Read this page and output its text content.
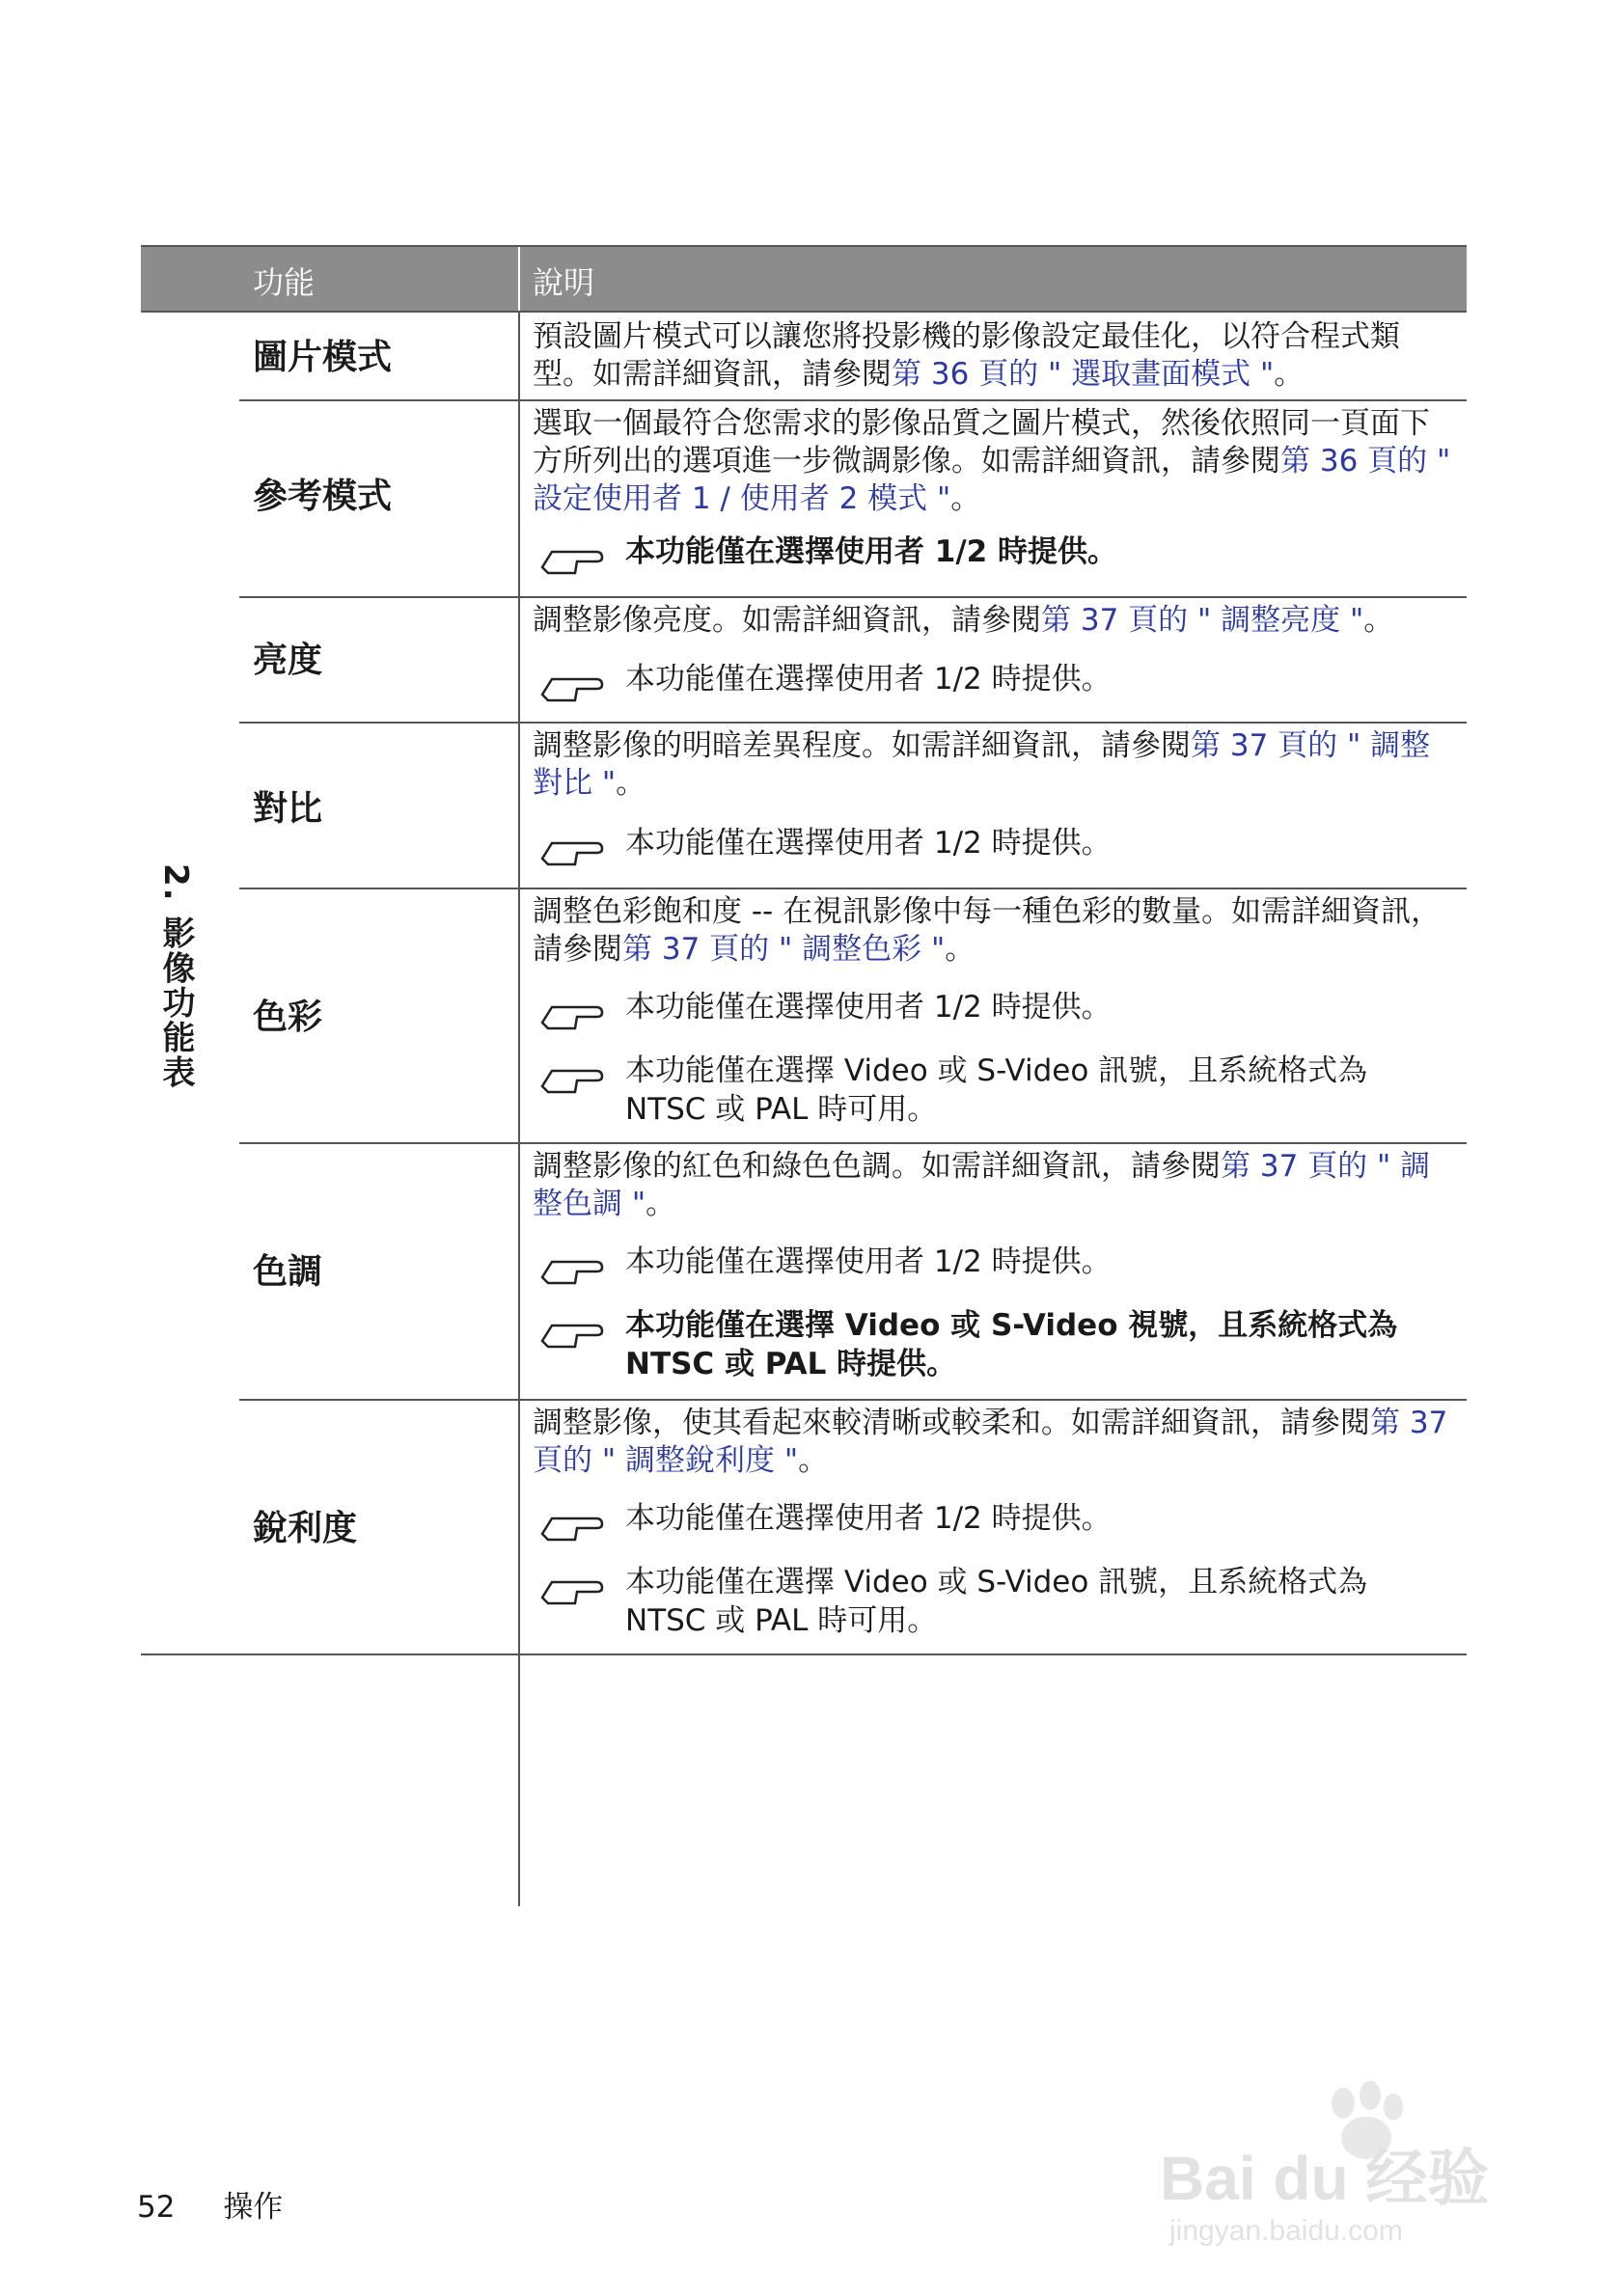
功能	說明
圖片模式
預設圖片模式可以讓您將投影機的影像設定最佳化，以符合程式類型。如需詳細資訊，請參閱第 36 頁的 " 選取畫面模式 "。
參考模式
選取一個最符合您需求的影像品質之圖片模式，然後依照同一頁面下方所列出的選項進一步微調影像。如需詳細資訊，請參閱第 36 頁的 " 設定使用者 1 / 使用者 2 模式 "。
本功能僅在選擇使用者 1/2 時提供。
亮度
調整影像亮度。如需詳細資訊，請參閱第 37 頁的 " 調整亮度 "。
本功能僅在選擇使用者 1/2 時提供。
對比
調整影像的明暗差異程度。如需詳細資訊，請參閱第 37 頁的 " 調整對比 "。
本功能僅在選擇使用者 1/2 時提供。
色彩
調整色彩飽和度 -- 在視訊影像中每一種色彩的數量。如需詳細資訊，請參閱第 37 頁的 " 調整色彩 "。
本功能僅在選擇使用者 1/2 時提供。
本功能僅在選擇 Video 或 S-Video 訊號，且系統格式為 NTSC 或 PAL 時可用。
色調
調整影像的紅色和綠色色調。如需詳細資訊，請參閱第 37 頁的 " 調整色調 "。
本功能僅在選擇使用者 1/2 時提供。
本功能僅在選擇 Video 或 S-Video 視號，且系統格式為 NTSC 或 PAL 時提供。
銳利度
調整影像，使其看起來較清晰或較柔和。如需詳細資訊，請參閱第 37 頁的 " 調整銳利度 "。
本功能僅在選擇使用者 1/2 時提供。
本功能僅在選擇 Video 或 S-Video 訊號，且系統格式為 NTSC 或 PAL 時可用。
2. 影像功能表
52 操作	Bai du 经验
jingyan.baidu.com
